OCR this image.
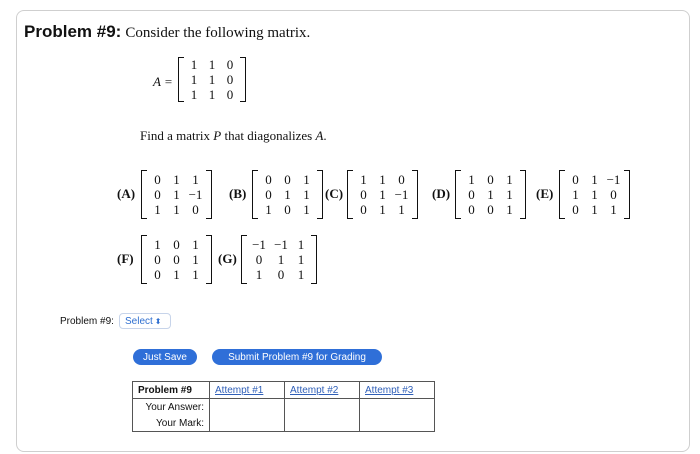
Problem #9: Consider the following matrix.
A =
1 1 0
1 1 0
1 1 0
Find a matrix P that diagonalizes A.
(A)
0 1 1
0 1 −1
1 1 0
(B)
0 0 1
0 1 1
1 0 1
(C)
1 1 0
0 1 −1
0 1 1
(D)
1 0 1
0 1 1
0 0 1
(E)
0 1 −1
1 1 0
0 1 1
(F)
1 0 1
0 0 1
0 1 1
(G)
−1 −1 1
0	1	1
1	0	1
Problem #9: Select ⬍
Just Save	Submit Problem #9 for Grading
Problem #9	Attempt #1	Attempt #2	Attempt #3
Your Answer:			
Your Mark:			
